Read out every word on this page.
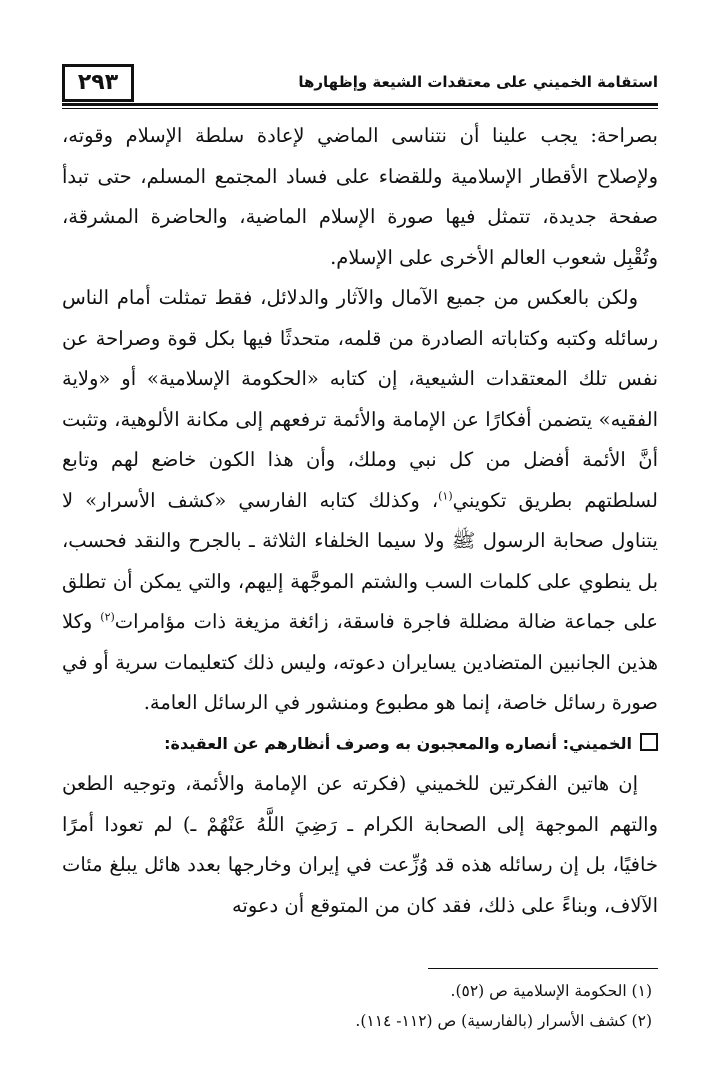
٢٩٣	استقامة الخميني على معتقدات الشيعة وإظهارها

بصراحة: يجب علينا أن نتناسى الماضي لإعادة سلطة الإسلام وقوته، ولإصلاح الأقطار الإسلامية وللقضاء على فساد المجتمع المسلم، حتى تبدأ صفحة جديدة، تتمثل فيها صورة الإسلام الماضية، والحاضرة المشرقة، وتُقْبِل شعوب العالم الأخرى على الإسلام.

ولكن بالعكس من جميع الآمال والآثار والدلائل، فقط تمثلت أمام الناس رسائله وكتبه وكتاباته الصادرة من قلمه، متحدثًا فيها بكل قوة وصراحة عن نفس تلك المعتقدات الشيعية، إن كتابه «الحكومة الإسلامية» أو «ولاية الفقيه» يتضمن أفكارًا عن الإمامة والأئمة ترفعهم إلى مكانة الألوهية، وتثبت أنَّ الأئمة أفضل من كل نبي وملك، وأن هذا الكون خاضع لهم وتابع لسلطتهم بطريق تكويني$^{(١)}$، وكذلك كتابه الفارسي «كشف الأسرار» لا يتناول صحابة الرسول ﷺ ولا سيما الخلفاء الثلاثة ـ بالجرح والنقد فحسب، بل ينطوي على كلمات السب والشتم الموجَّهة إليهم، والتي يمكن أن تطلق على جماعة ضالة مضللة فاجرة فاسقة، زائغة مزيغة ذات مؤامرات$^{(٢)}$ وكلا هذين الجانبين المتضادين يسايران دعوته، وليس ذلك كتعليمات سرية أو في صورة رسائل خاصة، إنما هو مطبوع ومنشور في الرسائل العامة.

الخميني: أنصاره والمعجبون به وصرف أنظارهم عن العقيدة:

إن هاتين الفكرتين للخميني (فكرته عن الإمامة والأئمة، وتوجيه الطعن والتهم الموجهة إلى الصحابة الكرام ـ رَضِيَ اللَّهُ عَنْهُمْ ـ) لم تعودا أمرًا خافيًا، بل إن رسائله هذه قد وُزِّعت في إيران وخارجها بعدد هائل يبلغ مئات الآلاف، وبناءً على ذلك، فقد كان من المتوقع أن دعوته

(١) الحكومة الإسلامية ص (٥٢).

(٢) كشف الأسرار (بالفارسية) ص (١١٢- ١١٤).
